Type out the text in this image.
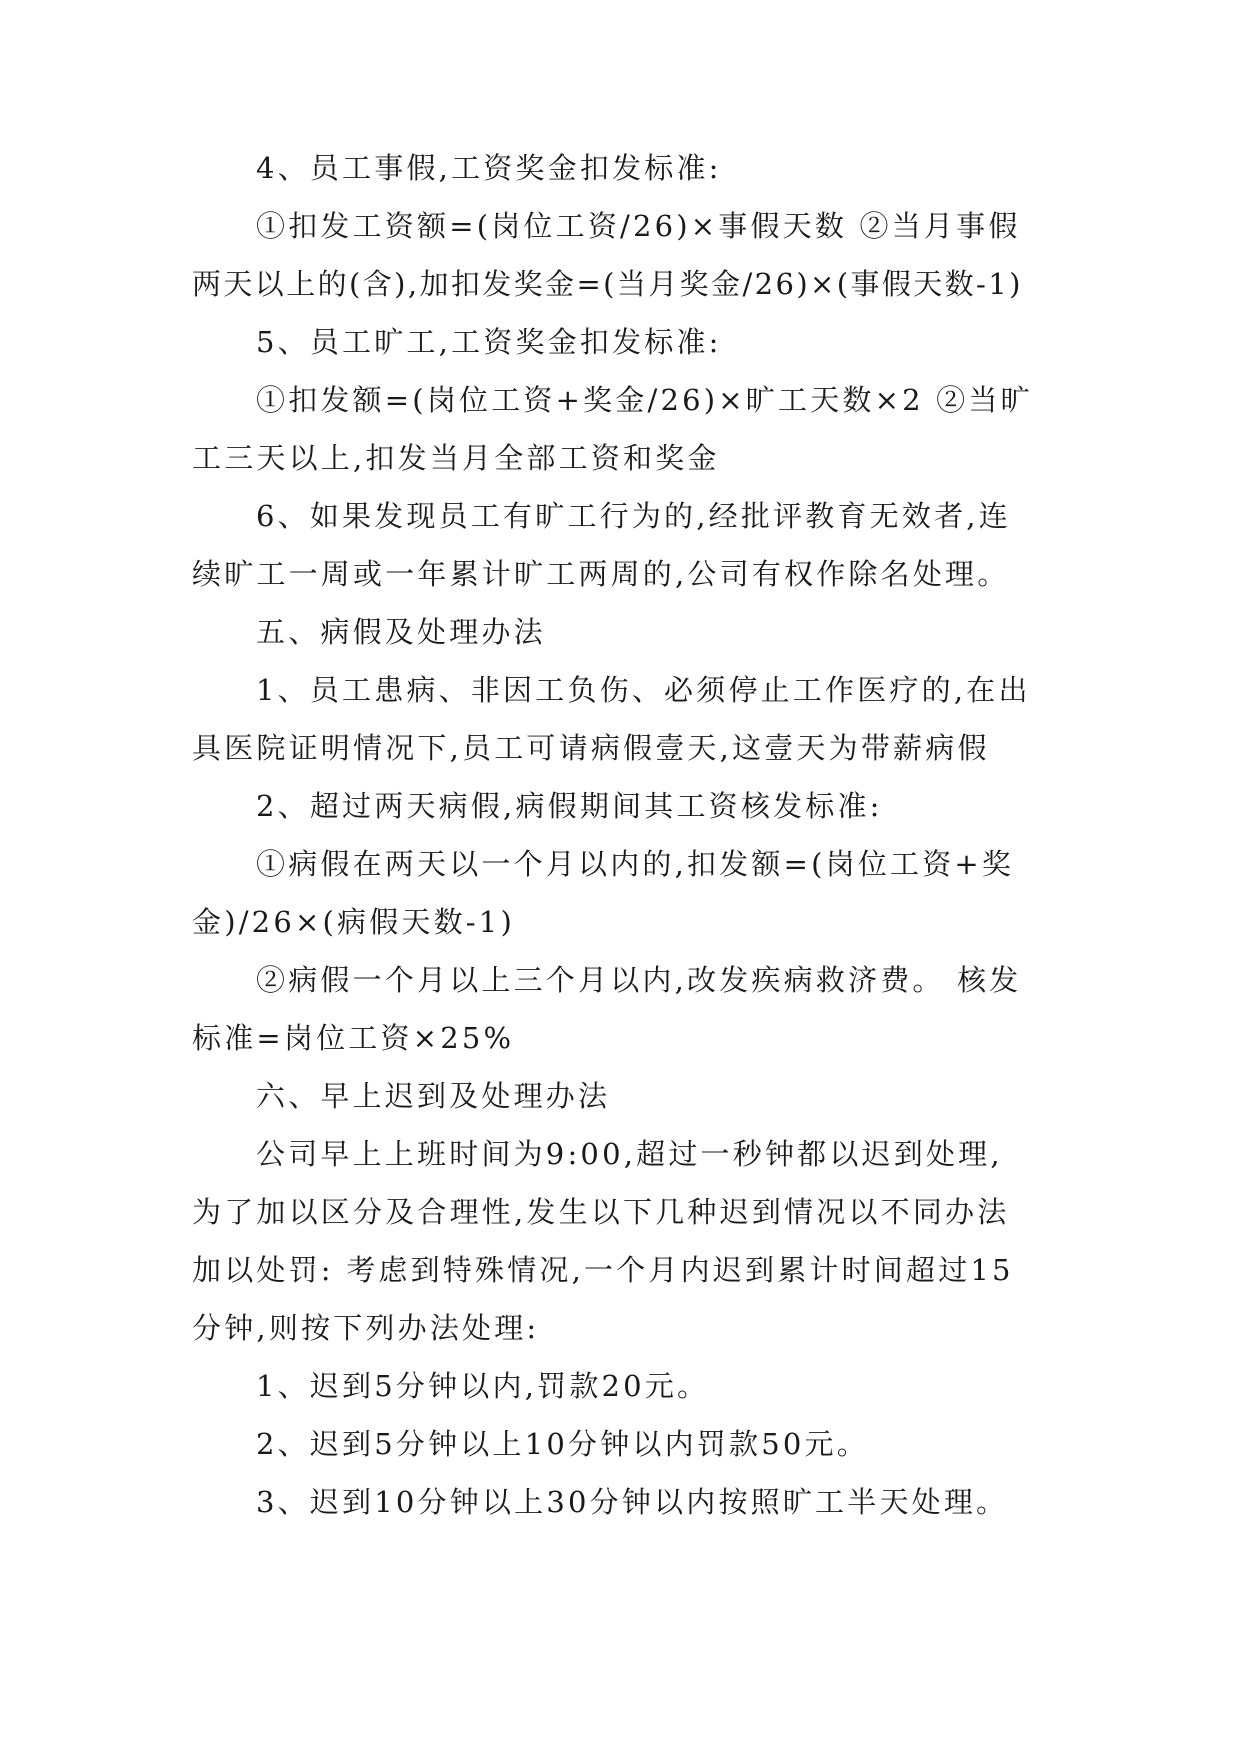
4、员工事假,工资奖金扣发标准:
①扣发工资额=(岗位工资/26)×事假天数 ②当月事假
两天以上的(含),加扣发奖金=(当月奖金/26)×(事假天数-1)
5、员工旷工,工资奖金扣发标准:
①扣发额=(岗位工资+奖金/26)×旷工天数×2 ②当旷
工三天以上,扣发当月全部工资和奖金
6、如果发现员工有旷工行为的,经批评教育无效者,连
续旷工一周或一年累计旷工两周的,公司有权作除名处理。
五、病假及处理办法
1、员工患病、非因工负伤、必须停止工作医疗的,在出
具医院证明情况下,员工可请病假壹天,这壹天为带薪病假
2、超过两天病假,病假期间其工资核发标准:
①病假在两天以一个月以内的,扣发额=(岗位工资+奖
金)/26×(病假天数-1)
②病假一个月以上三个月以内,改发疾病救济费。 核发
标准=岗位工资×25%
六、早上迟到及处理办法
公司早上上班时间为9:00,超过一秒钟都以迟到处理,
为了加以区分及合理性,发生以下几种迟到情况以不同办法
加以处罚: 考虑到特殊情况,一个月内迟到累计时间超过15
分钟,则按下列办法处理:
1、迟到5分钟以内,罚款20元。
2、迟到5分钟以上10分钟以内罚款50元。
3、迟到10分钟以上30分钟以内按照旷工半天处理。
